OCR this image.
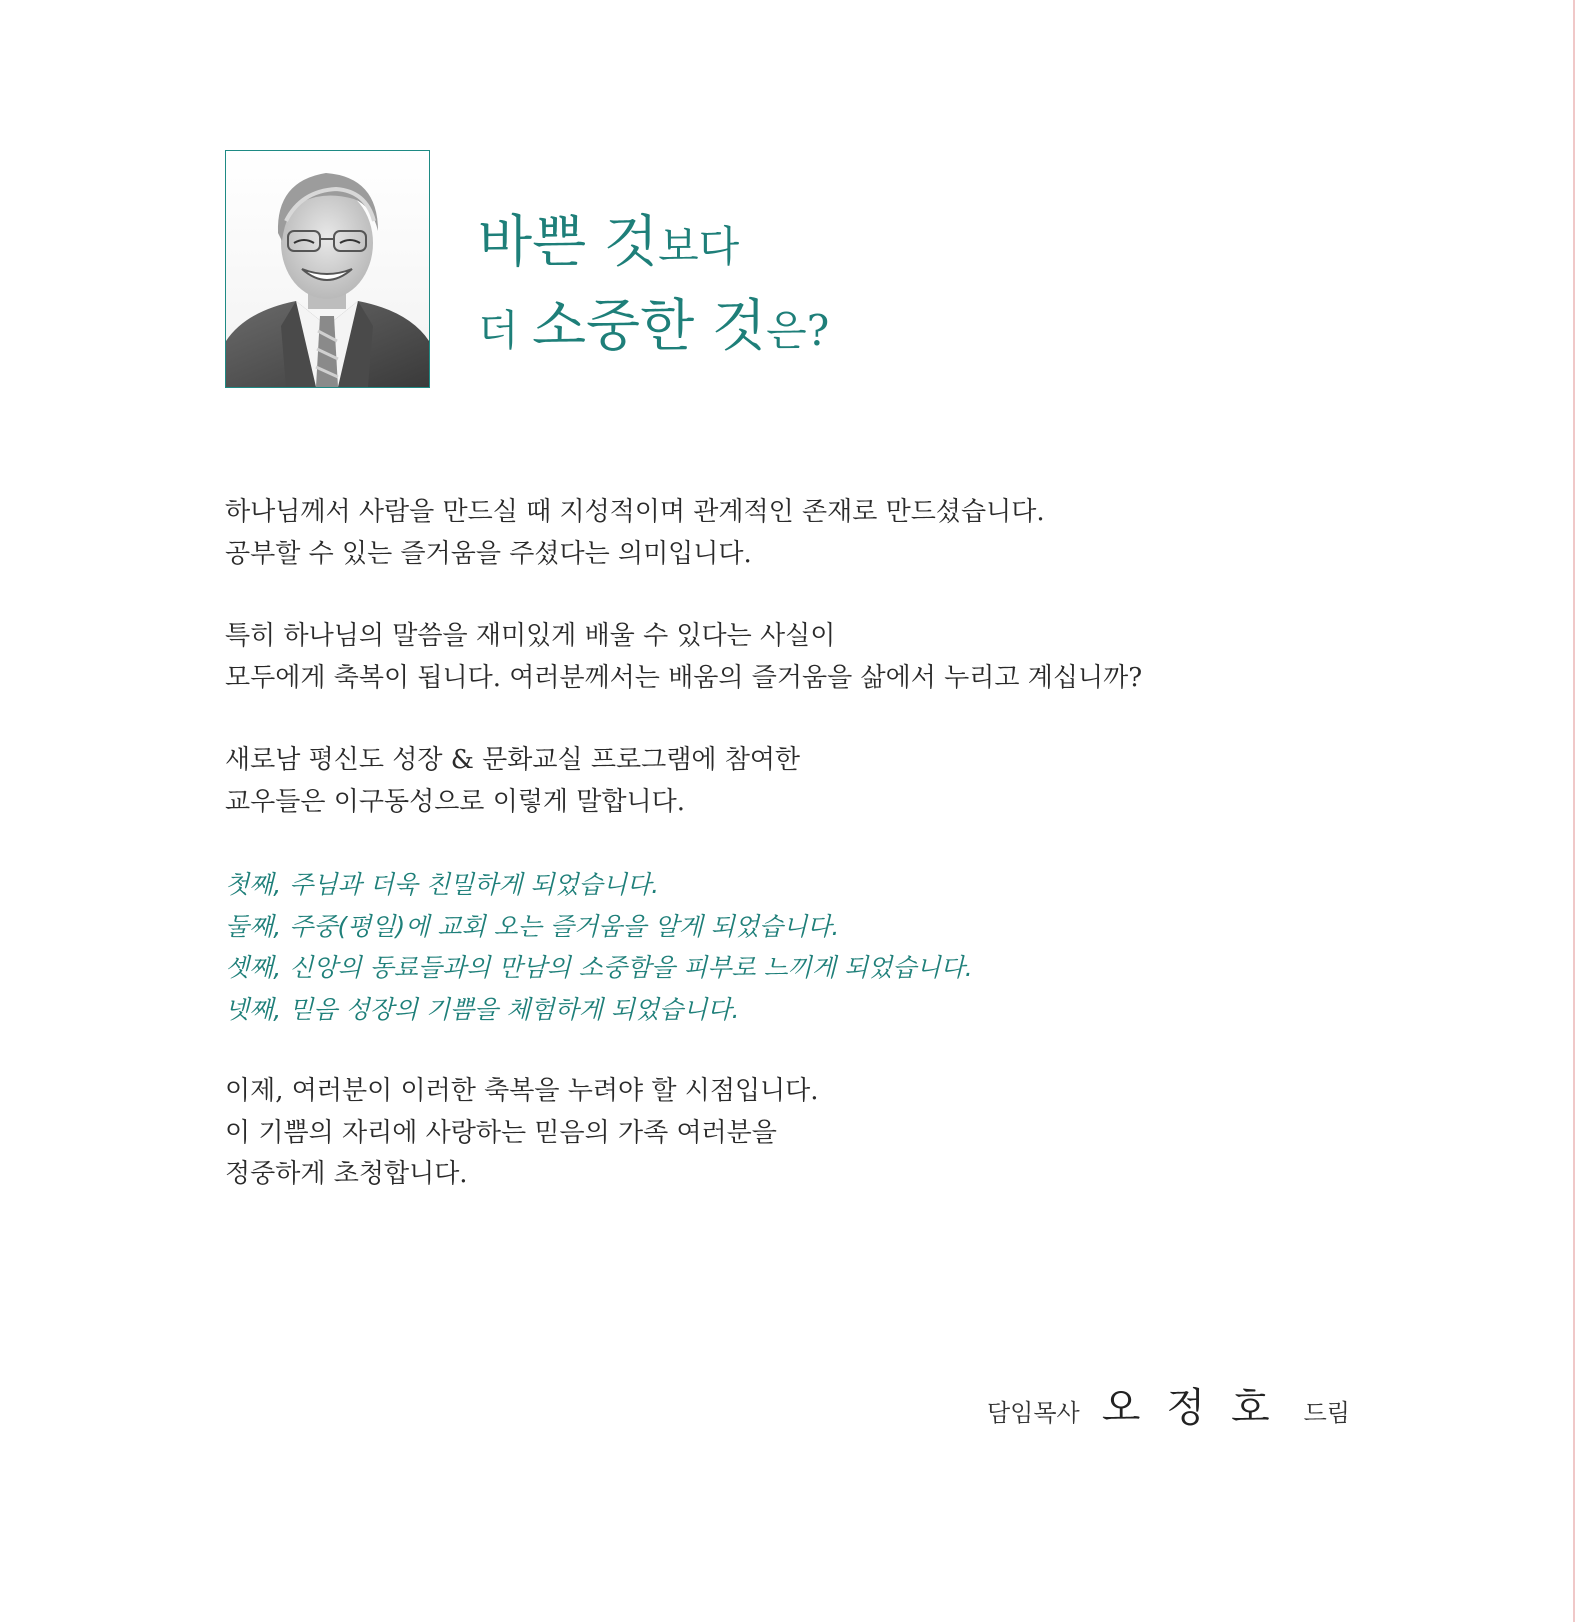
바쁜 것보다
더 소중한 것은?

하나님께서 사람을 만드실 때 지성적이며 관계적인 존재로 만드셨습니다.
공부할 수 있는 즐거움을 주셨다는 의미입니다.

특히 하나님의 말씀을 재미있게 배울 수 있다는 사실이
모두에게 축복이 됩니다. 여러분께서는 배움의 즐거움을 삶에서 누리고 계십니까?

새로남 평신도 성장 & 문화교실 프로그램에 참여한
교우들은 이구동성으로 이렇게 말합니다.

첫째, 주님과 더욱 친밀하게 되었습니다.
둘째, 주중(평일)에 교회 오는 즐거움을 알게 되었습니다.
셋째, 신앙의 동료들과의 만남의 소중함을 피부로 느끼게 되었습니다.
넷째, 믿음 성장의 기쁨을 체험하게 되었습니다.

이제, 여러분이 이러한 축복을 누려야 할 시점입니다.
이 기쁨의 자리에 사랑하는 믿음의 가족 여러분을
정중하게 초청합니다.

담임목사 오정호 드림
